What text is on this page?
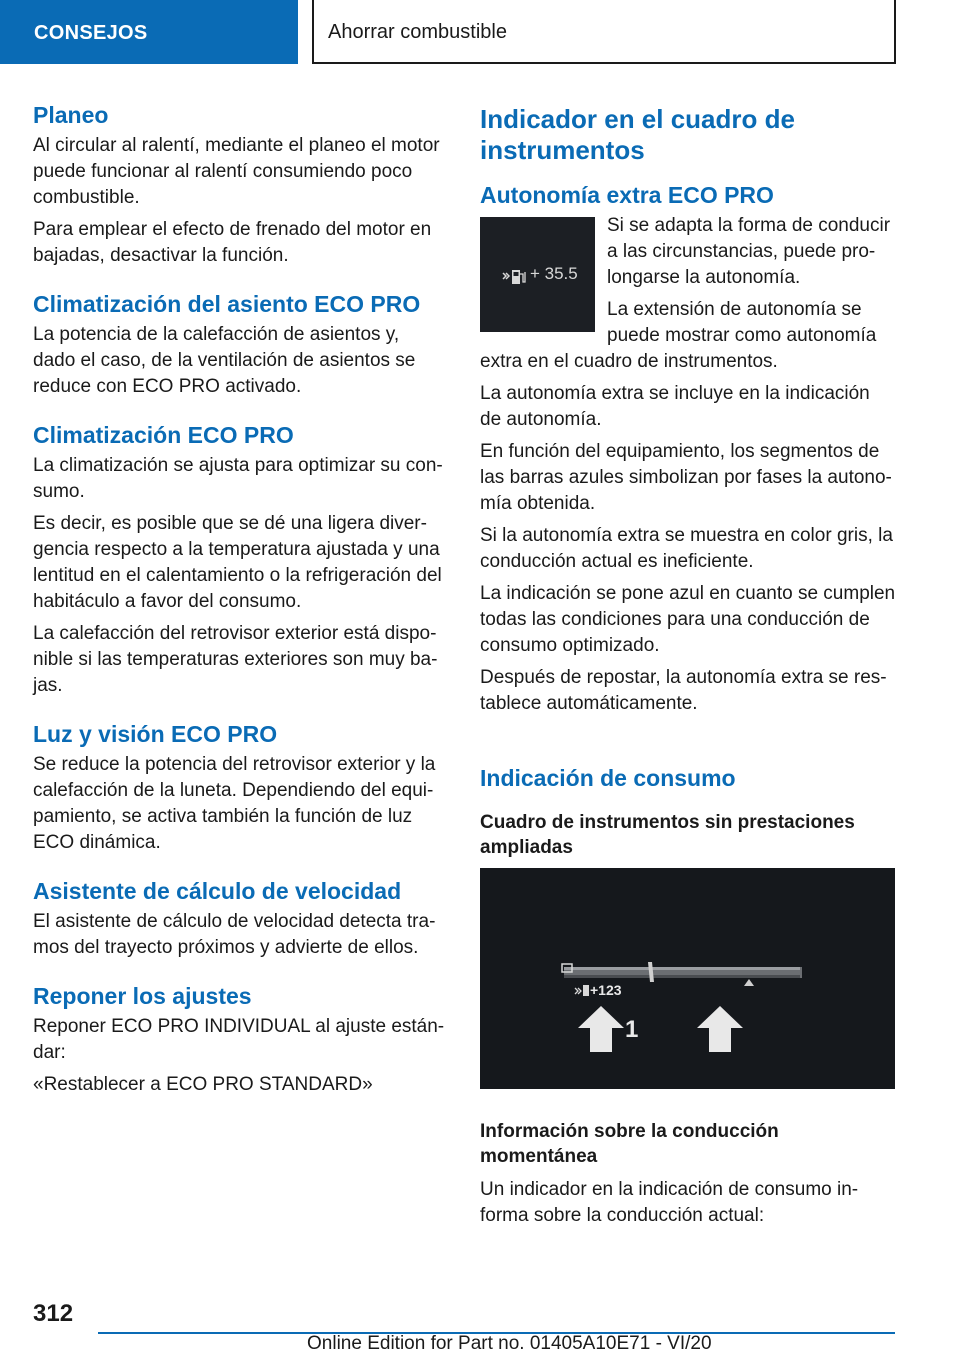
CONSEJOS	Ahorrar combustible
Planeo

Al circular al ralentí, mediante el planeo el motor puede funcionar al ralentí consumiendo poco combustible.

Para emplear el efecto de frenado del motor en bajadas, desactivar la función.

Climatización del asiento ECO PRO

La potencia de la calefacción de asientos y, dado el caso, de la ventilación de asientos se reduce con ECO PRO activado.

Climatización ECO PRO

La climatización se ajusta para optimizar su con-sumo.

Es decir, es posible que se dé una ligera diver-gencia respecto a la temperatura ajustada y una lentitud en el calentamiento o la refrigeración del habitáculo a favor del consumo.

La calefacción del retrovisor exterior está dispo-nible si las temperaturas exteriores son muy ba-jas.

Luz y visión ECO PRO

Se reduce la potencia del retrovisor exterior y la calefacción de la luneta. Dependiendo del equi-pamiento, se activa también la función de luz ECO dinámica.

Asistente de cálculo de velocidad

El asistente de cálculo de velocidad detecta tra-mos del trayecto próximos y advierte de ellos.

Reponer los ajustes

Reponer ECO PRO INDIVIDUAL al ajuste están-dar:

«Restablecer a ECO PRO STANDARD»

Indicador en el cuadro de instrumentos
Autonomía extra ECO PRO
+ 35.5

Si se adapta la forma de conducir a las circunstancias, puede pro-longarse la autonomía.

La extensión de autonomía se puede mostrar como autonomía extra en el cuadro de instrumentos.

La autonomía extra se incluye en la indicación de autonomía.

En función del equipamiento, los segmentos de las barras azules simbolizan por fases la autono-mía obtenida.

Si la autonomía extra se muestra en color gris, la conducción actual es ineficiente.

La indicación se pone azul en cuanto se cumplen todas las condiciones para una conducción de consumo optimizado.

Después de repostar, la autonomía extra se res-tablece automáticamente.

Indicación de consumo
Cuadro de instrumentos sin prestaciones ampliadas
+123
1	2
Información sobre la conducción momentánea

Un indicador en la indicación de consumo in-forma sobre la conducción actual:

312
Online Edition for Part no. 01405A10E71 - VI/20
